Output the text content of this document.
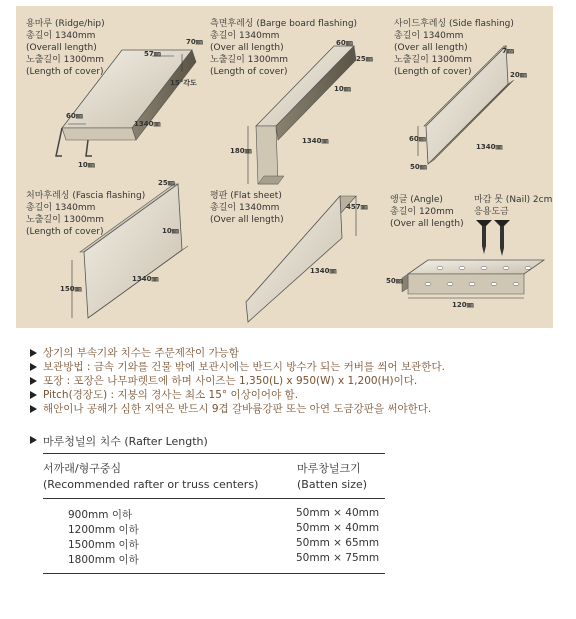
용마루 (Ridge/hip)
총길이 1340mm
(Overall length)
노출길이 1300mm
(Length of cover)
57㎜
70㎜
15°각도
60㎜
1340㎜
10㎜
측면후레싱 (Barge board flashing)
총길이 1340mm
(Over all length)
노출길이 1300mm
(Length of cover)
60㎜
25㎜
10㎜
1340㎜
180㎜
사이드후레싱 (Side flashing)
총길이 1340mm
(Over all length)
노출길이 1300mm
(Length of cover)
7㎜
20㎜
60㎜
50㎜
1340㎜
처마후레싱 (Fascia flashing)
총길이 1340mm
노출길이 1300mm
(Length of cover)
25㎜
10㎜
150㎜
1340㎜
평판 (Flat sheet)
총길이 1340mm
(Over all length)
457㎜
1340㎜
앵글 (Angle)
총길이 120mm
(Over all length)
50㎜
120㎜
마감 못 (Nail) 2cm
응용도금
상기의 부속기와 치수는 주문제작이 가능함
보관방법 : 금속 기와를 건물 밖에 보관시에는 반드시 방수가 되는 커버를 씌어 보관한다.
포장 : 포장은 나무파렛트에 하며 사이즈는 1,350(L) x 950(W) x 1,200(H)이다.
Pitch(경장도) : 지붕의 경사는 최소 15° 이상이어야 함.
해안이나 공해가 심한 지역은 반드시 9겹 갈바륨강판 또는 아연 도금강판을 써야한다.
마루청널의 치수 (Rafter Length)
서까래/형구중심
(Recommended rafter or truss centers)
마루창널크기
(Batten size)
900mm 이하	50mm × 40mm
1200mm 이하	50mm × 40mm
1500mm 이하	50mm × 65mm
1800mm 이하	50mm × 75mm
